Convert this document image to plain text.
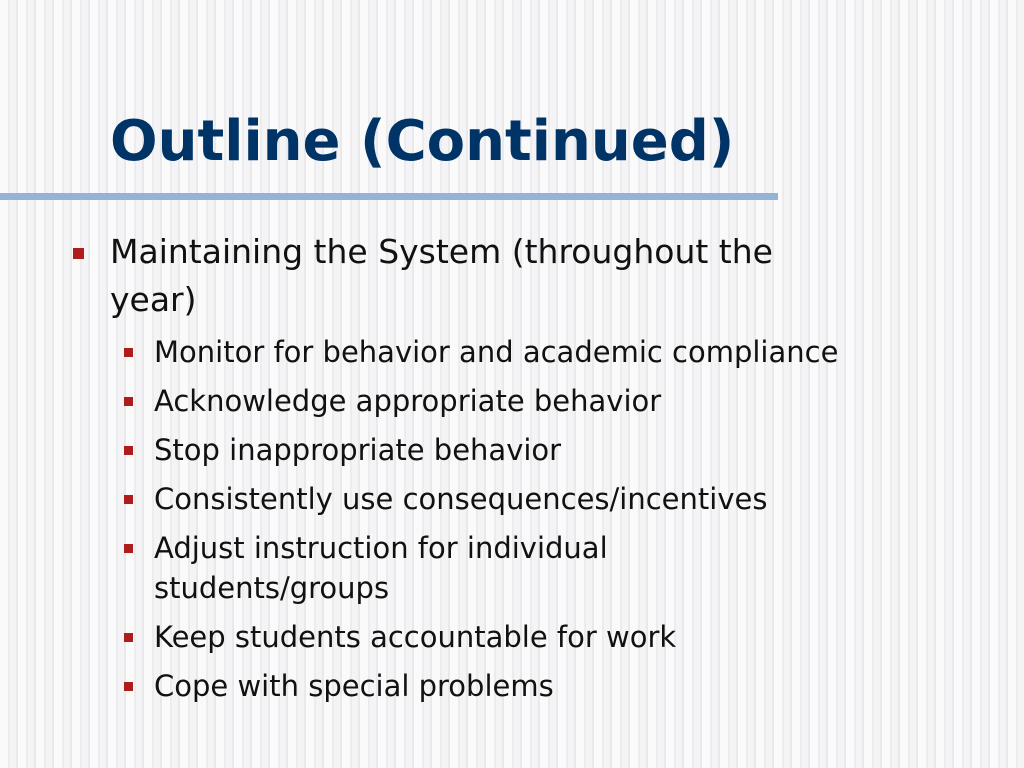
Outline (Continued)
Maintaining the System (throughout the
year)
Monitor for behavior and academic compliance
Acknowledge appropriate behavior
Stop inappropriate behavior
Consistently use consequences/incentives
Adjust instruction for individual
students/groups
Keep students accountable for work
Cope with special problems
